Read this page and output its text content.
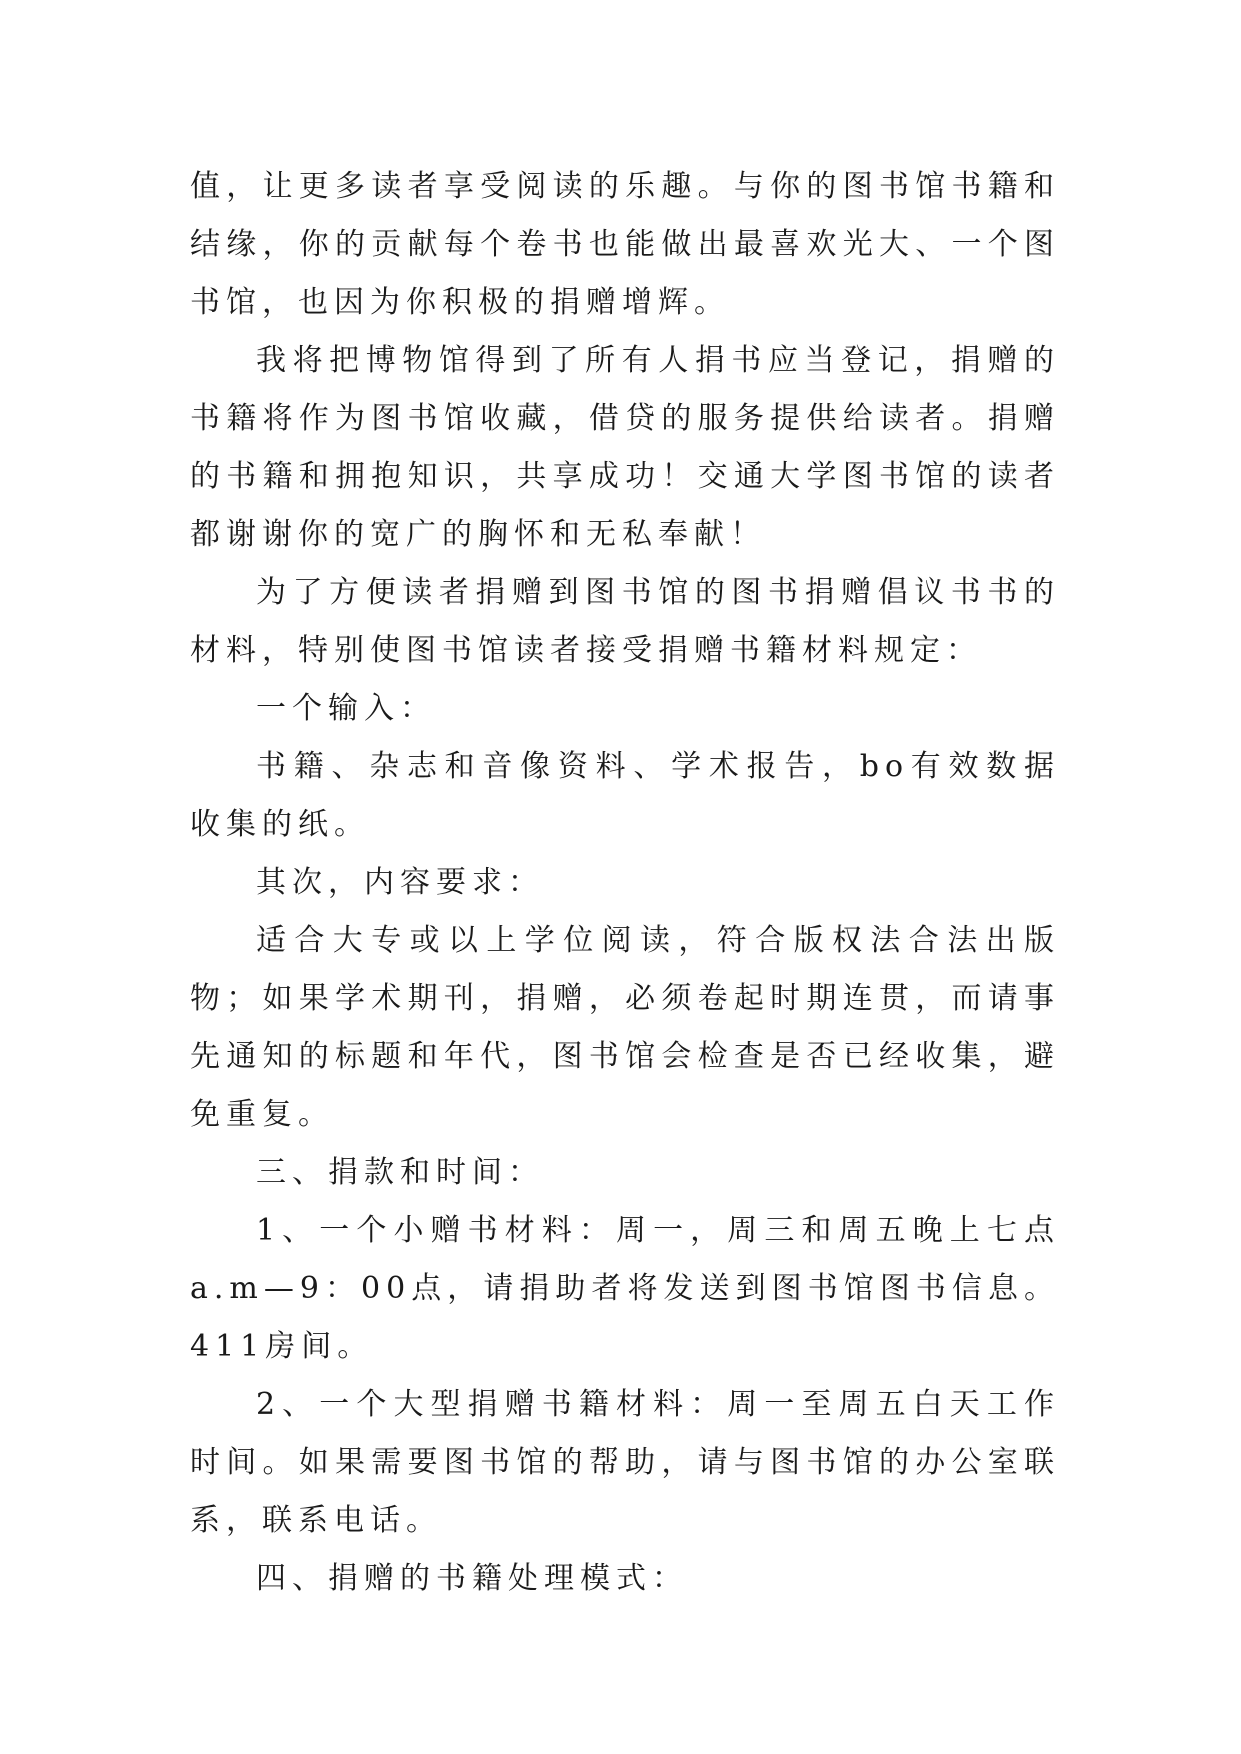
值，让更多读者享受阅读的乐趣。与你的图书馆书籍和结缘，你的贡献每个卷书也能做出最喜欢光大、一个图书馆，也因为你积极的捐赠增辉。

我将把博物馆得到了所有人捐书应当登记，捐赠的书籍将作为图书馆收藏，借贷的服务提供给读者。捐赠的书籍和拥抱知识，共享成功！交通大学图书馆的读者都谢谢你的宽广的胸怀和无私奉献！

为了方便读者捐赠到图书馆的图书捐赠倡议书书的材料，特别使图书馆读者接受捐赠书籍材料规定：

一个输入：

书籍、杂志和音像资料、学术报告，bo有效数据收集的纸。

其次，内容要求：

适合大专或以上学位阅读，符合版权法合法出版物；如果学术期刊，捐赠，必须卷起时期连贯，而请事先通知的标题和年代，图书馆会检查是否已经收集，避免重复。

三、捐款和时间：

1、一个小赠书材料：周一，周三和周五晚上七点a.m—9：00点，请捐助者将发送到图书馆图书信息。411房间。

2、一个大型捐赠书籍材料：周一至周五白天工作时间。如果需要图书馆的帮助，请与图书馆的办公室联系，联系电话。

四、捐赠的书籍处理模式：
